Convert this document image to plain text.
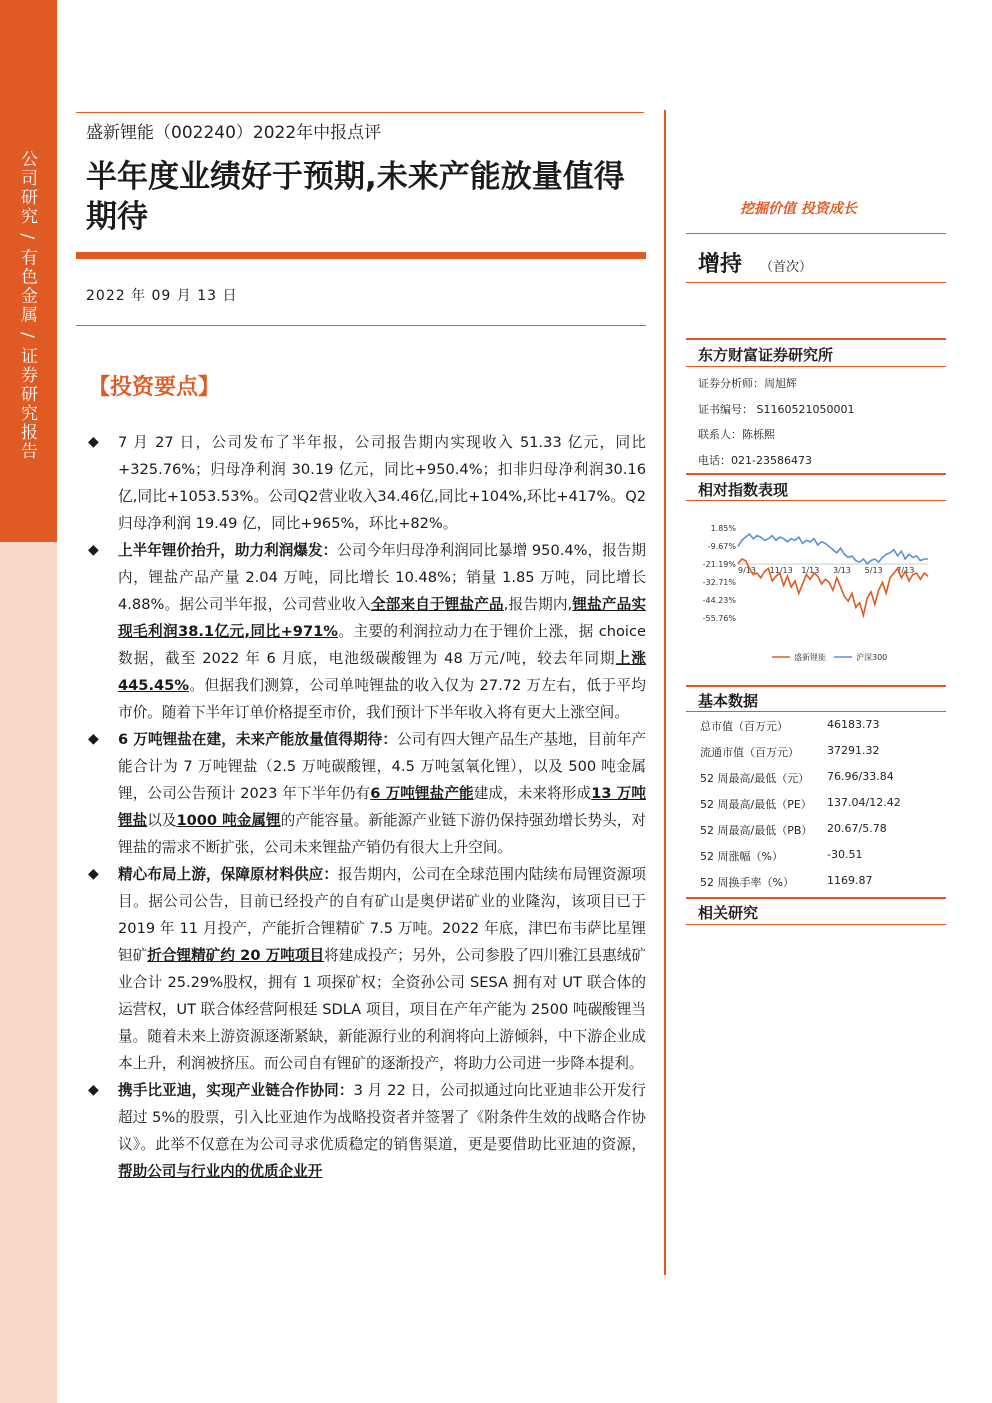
公司研究 / 有色金属 / 证券研究报告
盛新锂能（002240）2022年中报点评
半年度业绩好于预期,未来产能放量值得期待
2022 年 09 月 13 日
【投资要点】
◆ 7 月 27 日，公司发布了半年报，公司报告期内实现收入 51.33 亿元，同比+325.76%；归母净利润 30.19 亿元，同比+950.4%；扣非归母净利润30.16亿,同比+1053.53%。公司Q2营业收入34.46亿,同比+104%,环比+417%。Q2 归母净利润 19.49 亿，同比+965%，环比+82%。
◆ 上半年锂价抬升，助力利润爆发：公司今年归母净利润同比暴增 950.4%，报告期内，锂盐产品产量 2.04 万吨，同比增长 10.48%；销量 1.85 万吨，同比增长 4.88%。据公司半年报，公司营业收入全部来自于锂盐产品,报告期内,锂盐产品实现毛利润38.1亿元,同比+971%。主要的利润拉动力在于锂价上涨，据 choice 数据，截至 2022 年 6 月底，电池级碳酸锂为 48 万元/吨，较去年同期上涨 445.45%。但据我们测算，公司单吨锂盐的收入仅为 27.72 万左右，低于平均市价。随着下半年订单价格提至市价，我们预计下半年收入将有更大上涨空间。
◆ 6 万吨锂盐在建，未来产能放量值得期待：公司有四大锂产品生产基地，目前年产能合计为 7 万吨锂盐（2.5 万吨碳酸锂，4.5 万吨氢氧化锂），以及 500 吨金属锂，公司公告预计 2023 年下半年仍有6 万吨锂盐产能建成，未来将形成13 万吨锂盐以及1000 吨金属锂的产能容量。新能源产业链下游仍保持强劲增长势头，对锂盐的需求不断扩张，公司未来锂盐产销仍有很大上升空间。
◆ 精心布局上游，保障原材料供应：报告期内，公司在全球范围内陆续布局锂资源项目。据公司公告，目前已经投产的自有矿山是奥伊诺矿业的业隆沟，该项目已于 2019 年 11 月投产，产能折合锂精矿 7.5 万吨。2022 年底，津巴布韦萨比星锂钽矿折合锂精矿约 20 万吨项目将建成投产；另外，公司参股了四川雅江县惠绒矿业合计 25.29%股权，拥有 1 项探矿权；全资孙公司 SESA 拥有对 UT 联合体的运营权，UT 联合体经营阿根廷 SDLA 项目，项目在产年产能为 2500 吨碳酸锂当量。随着未来上游资源逐渐紧缺，新能源行业的利润将向上游倾斜，中下游企业成本上升，利润被挤压。而公司自有锂矿的逐渐投产，将助力公司进一步降本提利。
◆ 携手比亚迪，实现产业链合作协同：3 月 22 日，公司拟通过向比亚迪非公开发行超过 5%的股票，引入比亚迪作为战略投资者并签署了《附条件生效的战略合作协议》。此举不仅意在为公司寻求优质稳定的销售渠道，更是要借助比亚迪的资源，帮助公司与行业内的优质企业开
挖掘价值 投资成长
增持 （首次）
东方财富证券研究所
证券分析师：周旭辉
证书编号： S1160521050001
联系人：陈栎熙
电话：021-23586473
相对指数表现
1.85%
-9.67%
-21.19%
-32.71%
-44.23%
-55.76%
9/13 11/13 1/13 3/13 5/13 7/13
盛新锂能	沪深300
基本数据
总市值（百万元）	46183.73
流通市值（百万元）	37291.32
52 周最高/最低（元） 76.96/33.84
52 周最高/最低（PE） 137.04/12.42
52 周最高/最低（PB） 20.67/5.78
52 周涨幅（%）	-30.51
52 周换手率（%）	1169.87
相关研究
